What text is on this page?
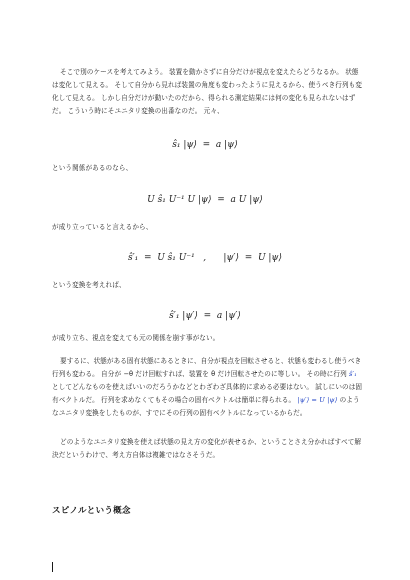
そこで別のケースを考えてみよう。 装置を動かさずに自分だけが視点を変えたらどうなるか。 状態は変化して見える。 そして自分から見れば装置の角度も変わったように見えるから、使うべき行列も変化して見える。 しかし自分だけが動いたのだから、得られる測定結果には何の変化も見られないはずだ。 こういう時にそユニタリ変換の出番なのだ。 元々、

ŝ₁ |ψ⟩  =  a |ψ⟩

という関係があるのなら、

U ŝ₁ U⁻¹ U |ψ⟩  =  a U |ψ⟩

が成り立っていると言えるから、

ŝ′₁  =  U ŝ₁ U⁻¹   ,      |ψ′⟩  =  U |ψ⟩

という変換を考えれば、

ŝ′₁ |ψ′⟩  =  a |ψ′⟩

が成り立ち、視点を変えても元の関係を崩す事がない。

要するに、状態がある固有状態にあるときに、自分が視点を回転させると、状態も変わるし使うべき行列も変わる。 自分が −θ だけ回転すれば、装置を θ だけ回転させたのに等しい。 その時に行列 ŝ′₁ としてどんなものを使えばいいのだろうかなどとわざわざ具体的に求める必要はない。 試しにいのは固有ベクトルだ。 行列を求めなくてもその場合の固有ベクトルは簡単に得られる。 |ψ′⟩ = U |ψ⟩ のようなユニタリ変換をしたものが、すでにその行列の固有ベクトルになっているからだ。

どのようなユニタリ変換を使えば状態の見え方の変化が表せるか、ということさえ分かればすべて解決だというわけで、考え方自体は複雑ではなさそうだ。

スピノルという概念
